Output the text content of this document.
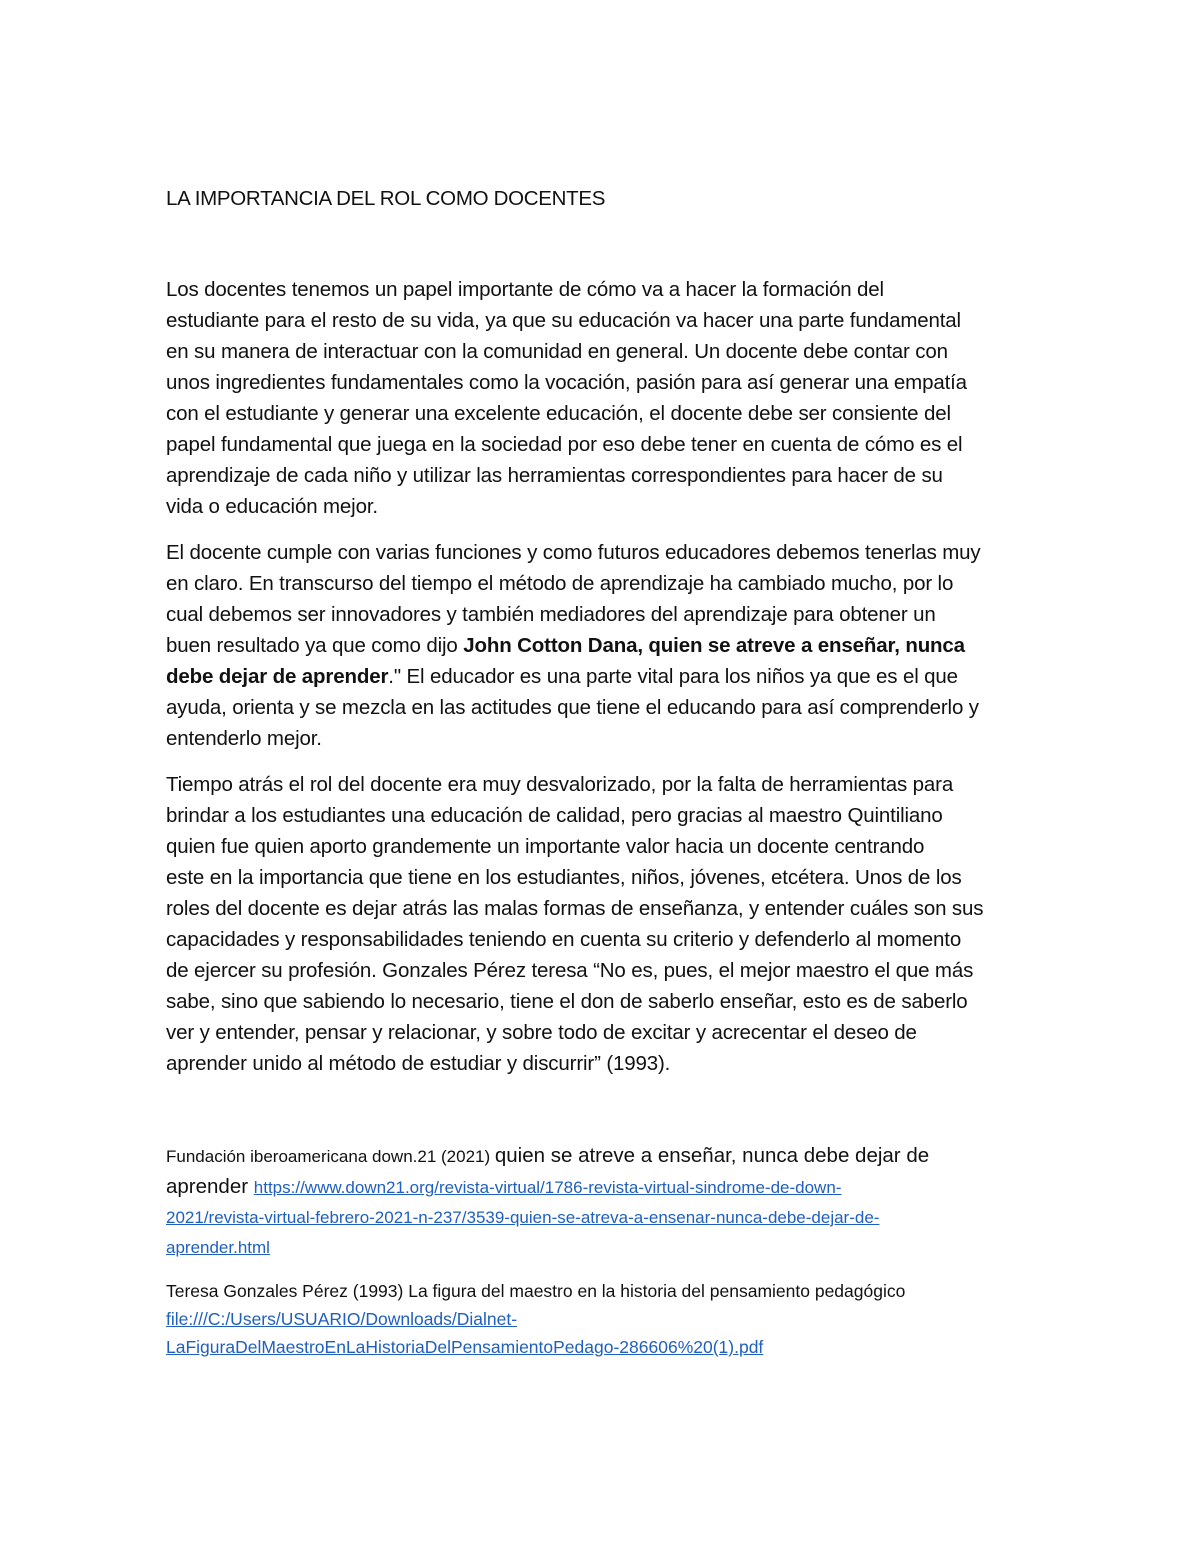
LA IMPORTANCIA DEL ROL COMO DOCENTES

Los docentes tenemos un papel importante de cómo va a hacer la formación del
estudiante para el resto de su vida, ya que su educación va hacer una parte fundamental
en su manera de interactuar con la comunidad en general. Un docente debe contar con
unos ingredientes fundamentales como la vocación, pasión para así generar una empatía
con el estudiante y generar una excelente educación, el docente debe ser consiente del
papel fundamental que juega en la sociedad por eso debe tener en cuenta de cómo es el
aprendizaje de cada niño y utilizar las herramientas correspondientes para hacer de su
vida o educación mejor.

El docente cumple con varias funciones y como futuros educadores debemos tenerlas muy
en claro. En transcurso del tiempo el método de aprendizaje ha cambiado mucho, por lo
cual debemos ser innovadores y también mediadores del aprendizaje para obtener un
buen resultado ya que como dijo John Cotton Dana, quien se atreve a enseñar, nunca
debe dejar de aprender." El educador es una parte vital para los niños ya que es el que
ayuda, orienta y se mezcla en las actitudes que tiene el educando para así comprenderlo y
entenderlo mejor.

Tiempo atrás el rol del docente era muy desvalorizado, por la falta de herramientas para
brindar a los estudiantes una educación de calidad, pero gracias al maestro Quintiliano
quien fue quien aporto grandemente un importante valor hacia un docente centrando
este en la importancia que tiene en los estudiantes, niños, jóvenes, etcétera. Unos de los
roles del docente es dejar atrás las malas formas de enseñanza, y entender cuáles son sus
capacidades y responsabilidades teniendo en cuenta su criterio y defenderlo al momento
de ejercer su profesión. Gonzales Pérez teresa “No es, pues, el mejor maestro el que más
sabe, sino que sabiendo lo necesario, tiene el don de saberlo enseñar, esto es de saberlo
ver y entender, pensar y relacionar, y sobre todo de excitar y acrecentar el deseo de
aprender unido al método de estudiar y discurrir” (1993).

Fundación iberoamericana down.21 (2021) quien se atreve a enseñar, nunca debe dejar de
aprender https://www.down21.org/revista-virtual/1786-revista-virtual-sindrome-de-down-
2021/revista-virtual-febrero-2021-n-237/3539-quien-se-atreva-a-ensenar-nunca-debe-dejar-de-
aprender.html
Teresa Gonzales Pérez (1993) La figura del maestro en la historia del pensamiento pedagógico
file:///C:/Users/USUARIO/Downloads/Dialnet-
LaFiguraDelMaestroEnLaHistoriaDelPensamientoPedago-286606%20(1).pdf
